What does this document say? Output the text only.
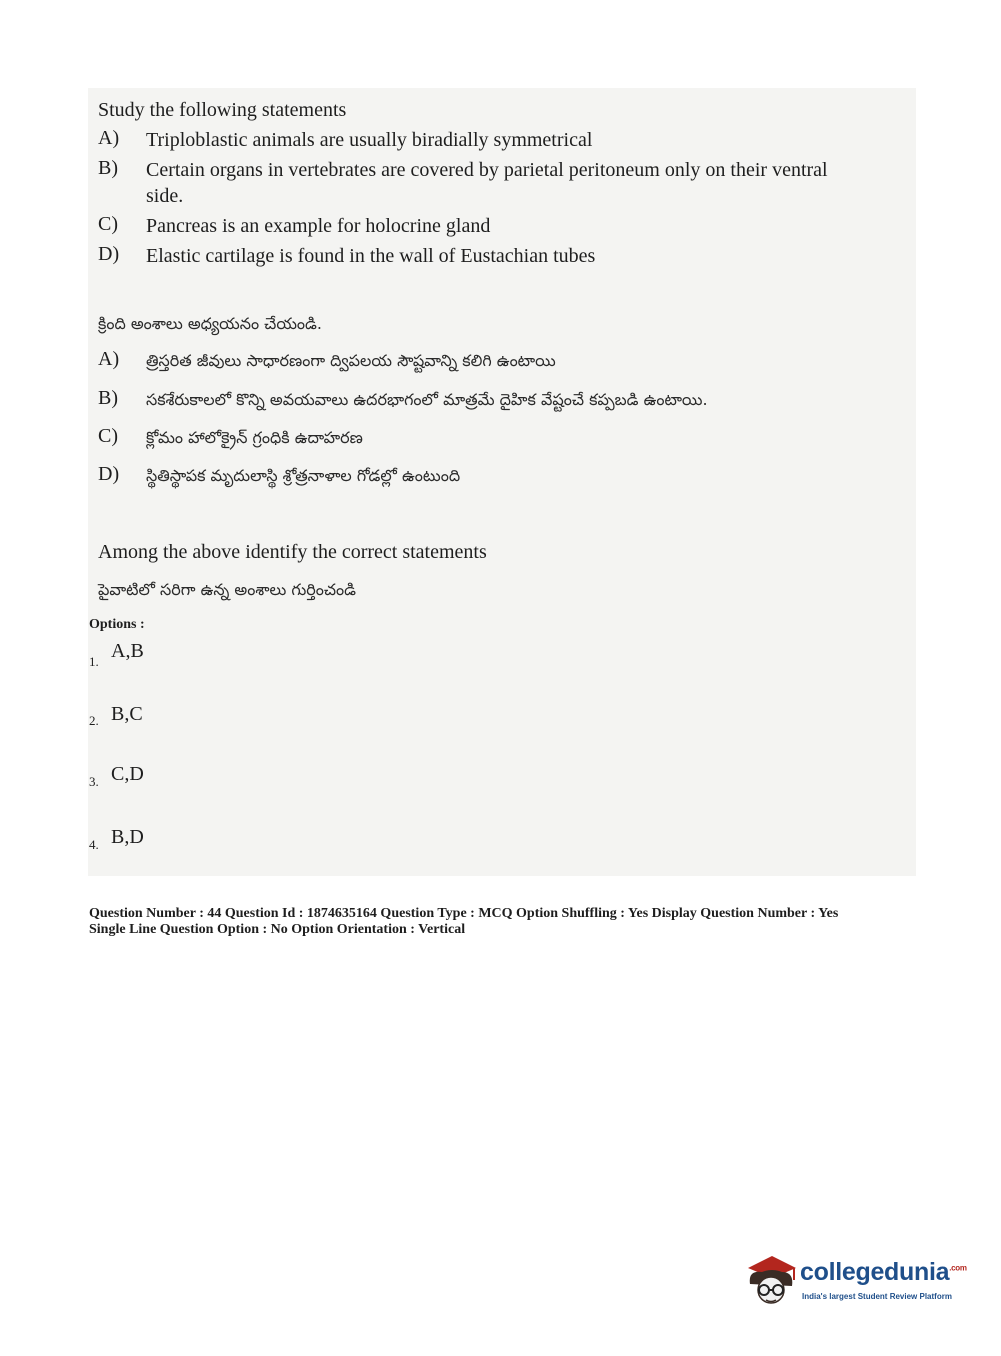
Study the following statements
A)	Triploblastic animals are usually biradially symmetrical
B)	Certain organs in vertebrates are covered by parietal peritoneum only on their ventral side.
C)	Pancreas is an example for holocrine gland
D)	Elastic cartilage is found in the wall of Eustachian tubes
క్రింది అంశాలు అధ్యయనం చేయండి.
A)	త్రిస్తరిత జీవులు సాధారణంగా ద్విపలయ సౌష్టవాన్ని కలిగి ఉంటాయి
B)	సకశేరుకాలలో కొన్ని అవయవాలు ఉదరభాగంలో మాత్రమే దైహిక వేష్టంచే కప్పబడి ఉంటాయి.
C)	క్లోమం హాలోక్రైన్ గ్రంధికి ఉదాహరణ
D)	స్థితిస్థాపక మృదులాస్థి శ్రోత్రనాళాల గోడల్లో ఉంటుంది
Among the above identify the correct statements
పైవాటిలో సరిగా ఉన్న అంశాలు గుర్తించండి
Options :
1. A,B
2. B,C
3. C,D
4. B,D
Question Number : 44 Question Id : 1874635164 Question Type : MCQ Option Shuffling : Yes Display Question Number : Yes
Single Line Question Option : No Option Orientation : Vertical
collegedunia$^{.com}$
India's largest Student Review Platform
